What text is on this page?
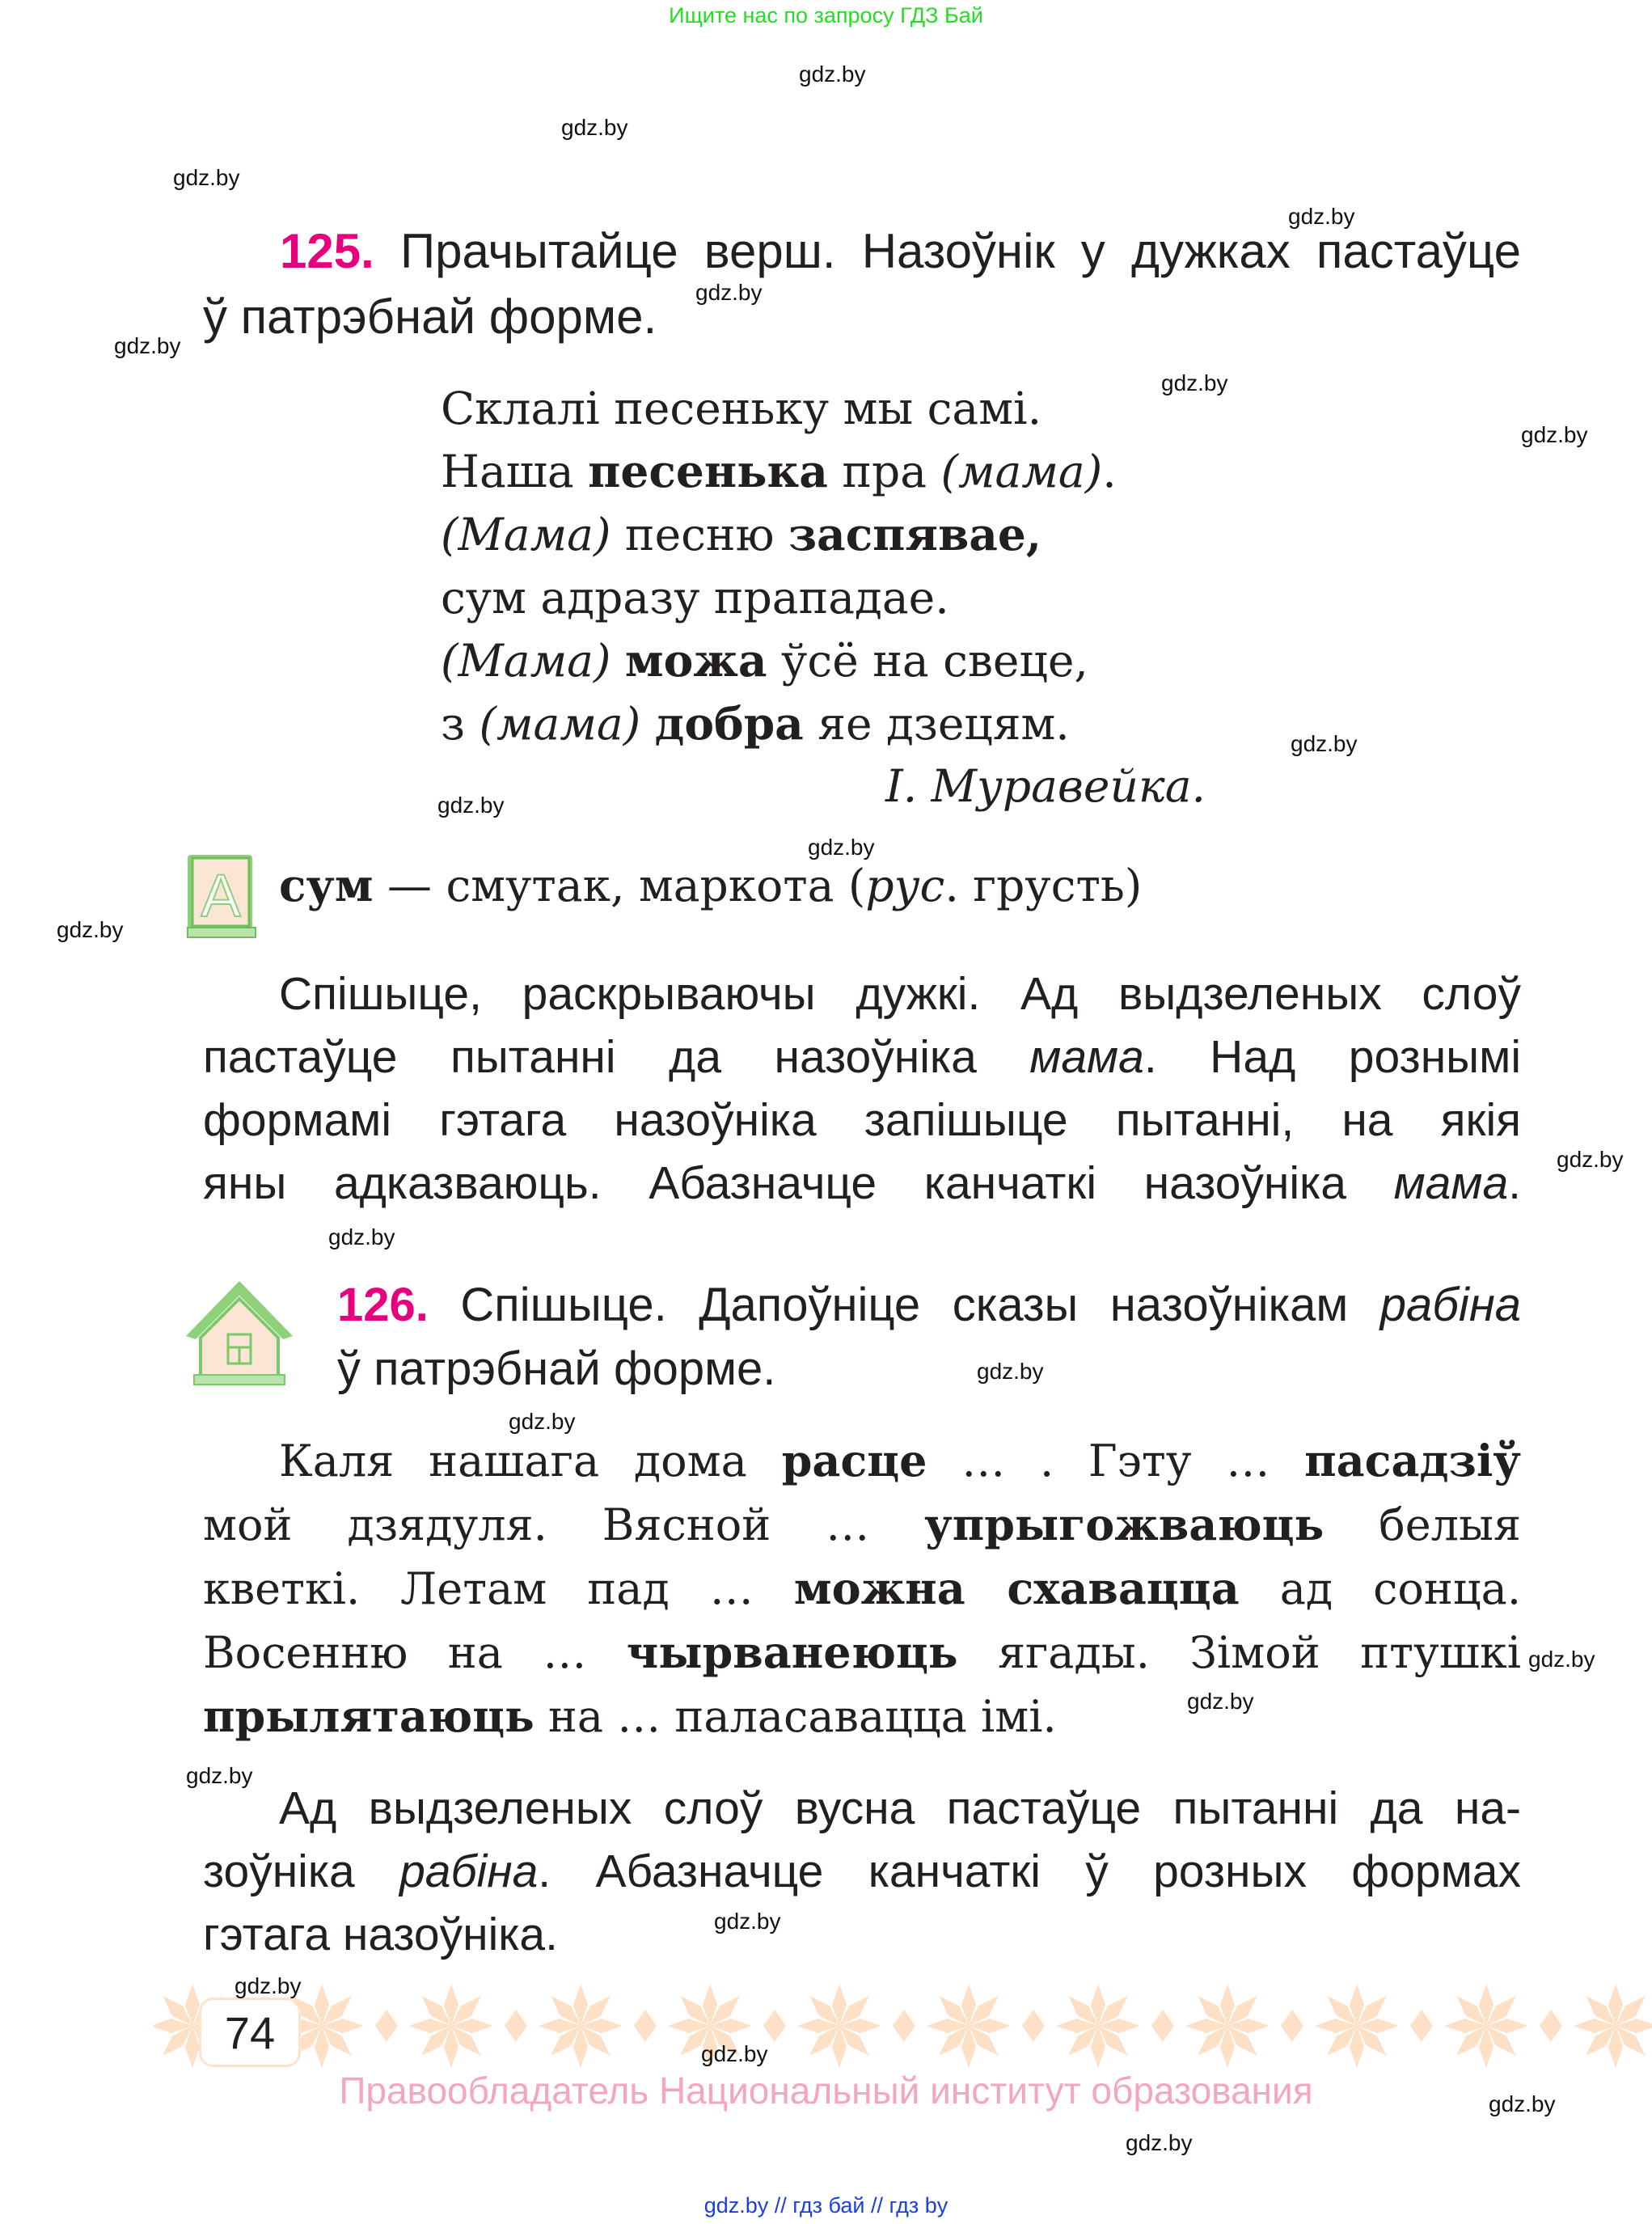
Ищите нас по запросу ГДЗ Бай
125. Прачытайце верш. Назоўнік у дужках пастаўце
ў патрэбнай форме.
Склалі песеньку мы самі.
Наша песенька пра (мама).
(Мама) песню заспявае,
сум адразу прападае.
(Мама) можа ўсё на свеце,
з (мама) добра яе дзецям.
І. Муравейка.
A сум — смутак, маркота (рус. грусть)
Спішыце, раскрываючы дужкі. Ад выдзеленых слоў
пастаўце пытанні да назоўніка мама. Над рознымі
формамі гэтага назоўніка запішыце пытанні, на якія
яны адказваюць. Абазначце канчаткі назоўніка мама.
126. Спішыце. Дапоўніце сказы назоўнікам рабіна
ў патрэбнай форме.
Каля нашага дома расце … . Гэту … пасадзіў
мой дзядуля. Вясной … упрыгожваюць белыя
кветкі. Летам пад … можна схавацца ад сонца.
Восенню на … чырванеюць ягады. Зімой птушкі
прылятаюць на … паласавацца імі.
Ад выдзеленых слоў вусна пастаўце пытанні да на-
зоўніка рабіна. Абазначце канчаткі ў розных формах
гэтага назоўніка.
74
Правообладатель Национальный институт образования
gdz.by // гдз бай // гдз by
gdz.by
gdz.by
gdz.by
gdz.by
gdz.by
gdz.by
gdz.by
gdz.by
gdz.by
gdz.by
gdz.by
gdz.by
gdz.by
gdz.by
gdz.by
gdz.by
gdz.by
gdz.by
gdz.by
gdz.by
gdz.by
gdz.by
gdz.by
gdz.by
